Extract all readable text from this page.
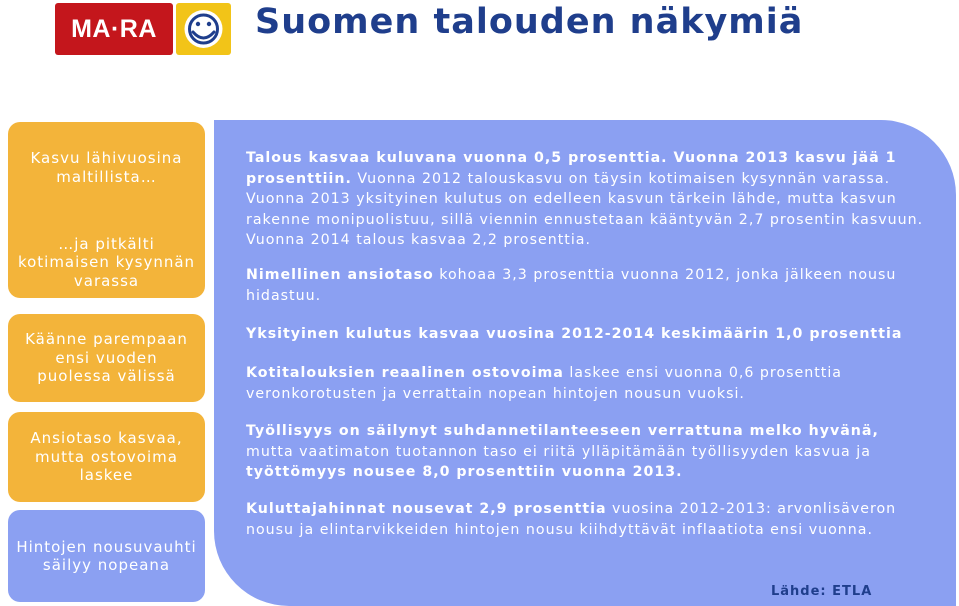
MA·RA	Suomen talouden näkymiä
Kasvu lähivuosina maltillista…
…ja pitkälti kotimaisen kysynnän varassa
Käänne parempaan ensi vuoden puolessa välissä
Ansiotaso kasvaa, mutta ostovoima laskee
Hintojen nousuvauhti säilyy nopeana

Talous kasvaa kuluvana vuonna 0,5 prosenttia. Vuonna 2013 kasvu jää 1 prosenttiin. Vuonna 2012 talouskasvu on täysin kotimaisen kysynnän varassa. Vuonna 2013 yksityinen kulutus on edelleen kasvun tärkein lähde, mutta kasvun rakenne monipuolistuu, sillä viennin ennustetaan kääntyvän 2,7 prosentin kasvuun. Vuonna 2014 talous kasvaa 2,2 prosenttia.

Nimellinen ansiotaso kohoaa 3,3 prosenttia vuonna 2012, jonka jälkeen nousu hidastuu.

Yksityinen kulutus kasvaa vuosina 2012-2014 keskimäärin 1,0 prosenttia

Kotitalouksien reaalinen ostovoima laskee ensi vuonna 0,6 prosenttia veronkorotusten ja verrattain nopean hintojen nousun vuoksi.

Työllisyys on säilynyt suhdannetilanteeseen verrattuna melko hyvänä, mutta vaatimaton tuotannon taso ei riitä ylläpitämään työllisyyden kasvua ja työttömyys nousee 8,0 prosenttiin vuonna 2013.

Kuluttajahinnat nousevat 2,9 prosenttia vuosina 2012-2013: arvonlisäveron nousu ja elintarvikkeiden hintojen nousu kiihdyttävät inflaatiota ensi vuonna.

Lähde: ETLA
